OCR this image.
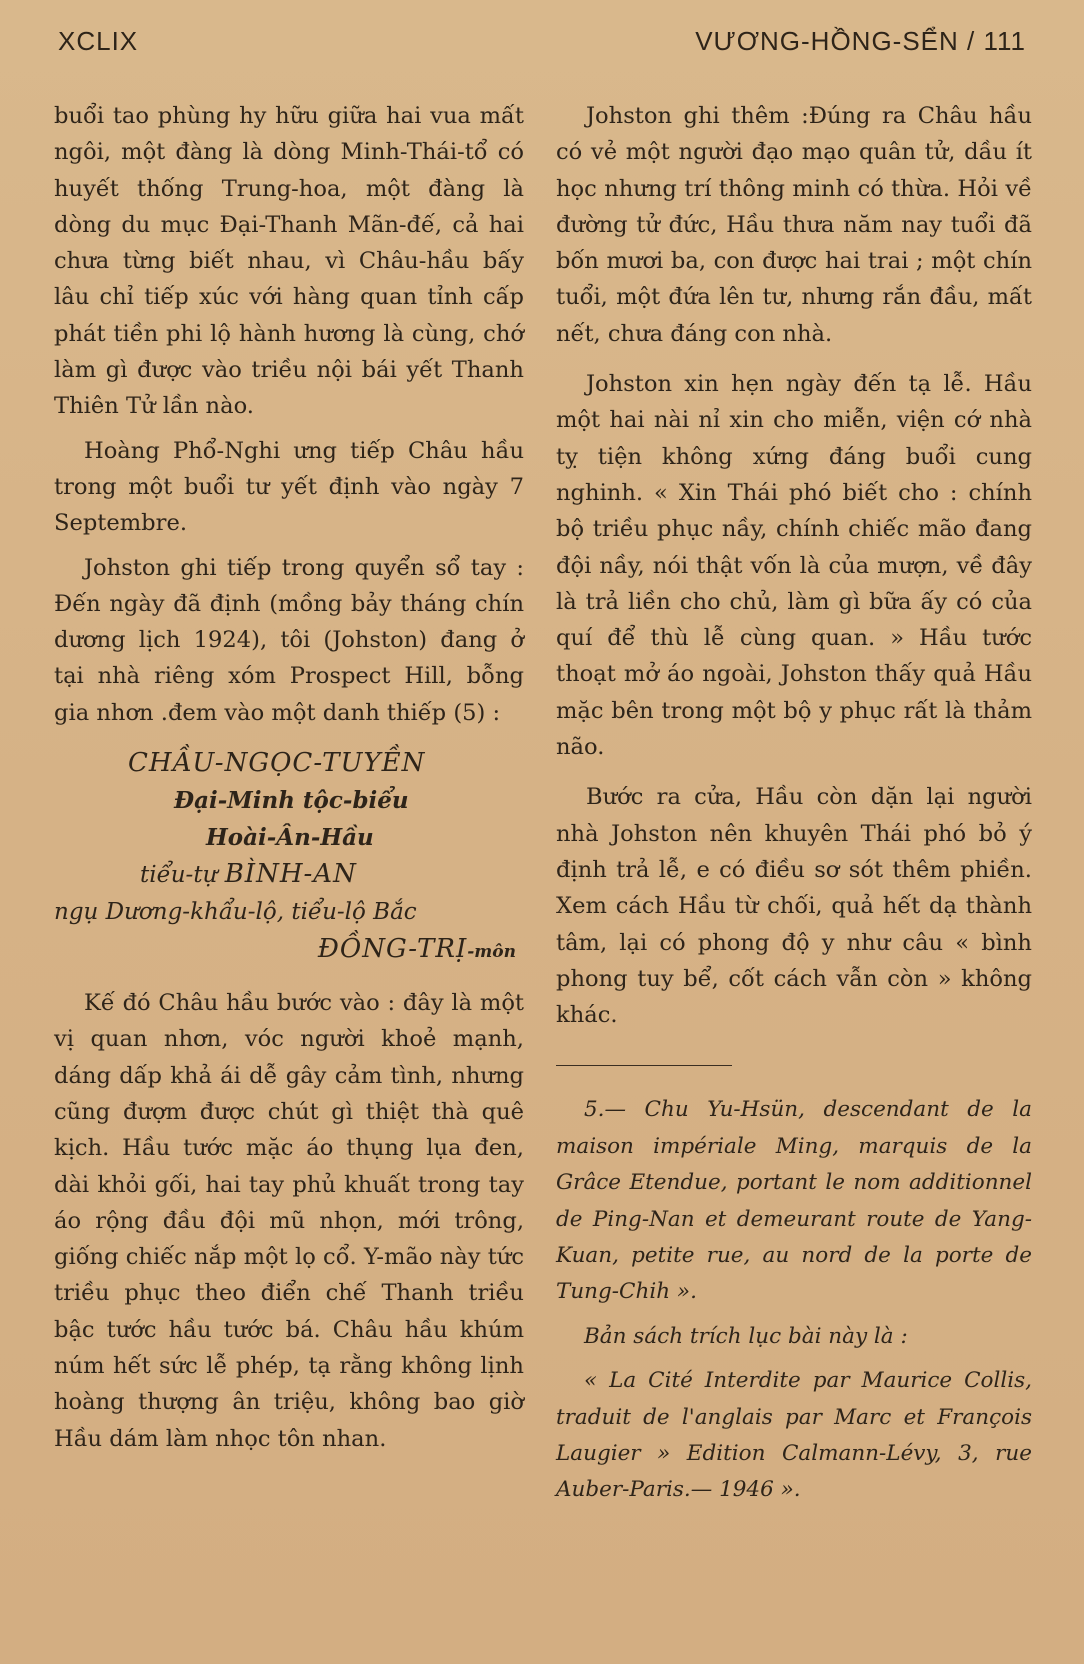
XCLIX	VƯƠNG-HỒNG-SỂN / 111

buổi tao phùng hy hữu giữa hai vua mất ngôi, một đàng là dòng Minh-Thái-tổ có huyết thống Trung-hoa, một đàng là dòng du mục Đại-Thanh Mãn-đế, cả hai chưa từng biết nhau, vì Châu-hầu bấy lâu chỉ tiếp xúc với hàng quan tỉnh cấp phát tiền phi lộ hành hương là cùng, chớ làm gì được vào triều nội bái yết Thanh Thiên Tử lần nào.

Hoàng Phổ-Nghi ưng tiếp Châu hầu trong một buổi tư yết định vào ngày 7 Septembre.

Johston ghi tiếp trong quyển sổ tay : Đến ngày đã định (mồng bảy tháng chín dương lịch 1924), tôi (Johston) đang ở tại nhà riêng xóm Prospect Hill, bỗng gia nhơn .đem vào một danh thiếp (5) :

CHẦU-NGỌC-TUYỀN
Đại-Minh tộc-biểu
Hoài-Ân-Hầu
tiểu-tự BÌNH-AN
ngụ Dương-khẩu-lộ, tiểu-lộ Bắc
ĐỒNG-TRỊ-môn

Kế đó Châu hầu bước vào : đây là một vị quan nhơn, vóc người khoẻ mạnh, dáng dấp khả ái dễ gây cảm tình, nhưng cũng đượm được chút gì thiệt thà quê kịch. Hầu tước mặc áo thụng lụa đen, dài khỏi gối, hai tay phủ khuất trong tay áo rộng đầu đội mũ nhọn, mới trông, giống chiếc nắp một lọ cổ. Y-mão này tức triều phục theo điển chế Thanh triều bậc tước hầu tước bá. Châu hầu khúm núm hết sức lễ phép, tạ rằng không lịnh hoàng thượng ân triệu, không bao giờ Hầu dám làm nhọc tôn nhan.

Johston ghi thêm :Đúng ra Châu hầu có vẻ một người đạo mạo quân tử, dầu ít học nhưng trí thông minh có thừa. Hỏi về đường tử đức, Hầu thưa năm nay tuổi đã bốn mươi ba, con được hai trai ; một chín tuổi, một đứa lên tư, nhưng rắn đầu, mất nết, chưa đáng con nhà.

Johston xin hẹn ngày đến tạ lễ. Hầu một hai nài nỉ xin cho miễn, viện cớ nhà tỵ tiện không xứng đáng buổi cung nghinh. « Xin Thái phó biết cho : chính bộ triều phục nầy, chính chiếc mão đang đội nầy, nói thật vốn là của mượn, về đây là trả liền cho chủ, làm gì bữa ấy có của quí để thù lễ cùng quan. » Hầu tước thoạt mở áo ngoài, Johston thấy quả Hầu mặc bên trong một bộ y phục rất là thảm não.

Bước ra cửa, Hầu còn dặn lại người nhà Johston nên khuyên Thái phó bỏ ý định trả lễ, e có điều sơ sót thêm phiền. Xem cách Hầu từ chối, quả hết dạ thành tâm, lại có phong độ y như câu « bình phong tuy bể, cốt cách vẫn còn » không khác.

5.— Chu Yu-Hsün, descendant de la maison impériale Ming, marquis de la Grâce Etendue, portant le nom additionnel de Ping-Nan et demeurant route de Yang-Kuan, petite rue, au nord de la porte de Tung-Chih ».

Bản sách trích lục bài này là :

« La Cité Interdite par Maurice Collis, traduit de l'anglais par Marc et François Laugier » Edition Calmann-Lévy, 3, rue Auber-Paris.— 1946 ».
